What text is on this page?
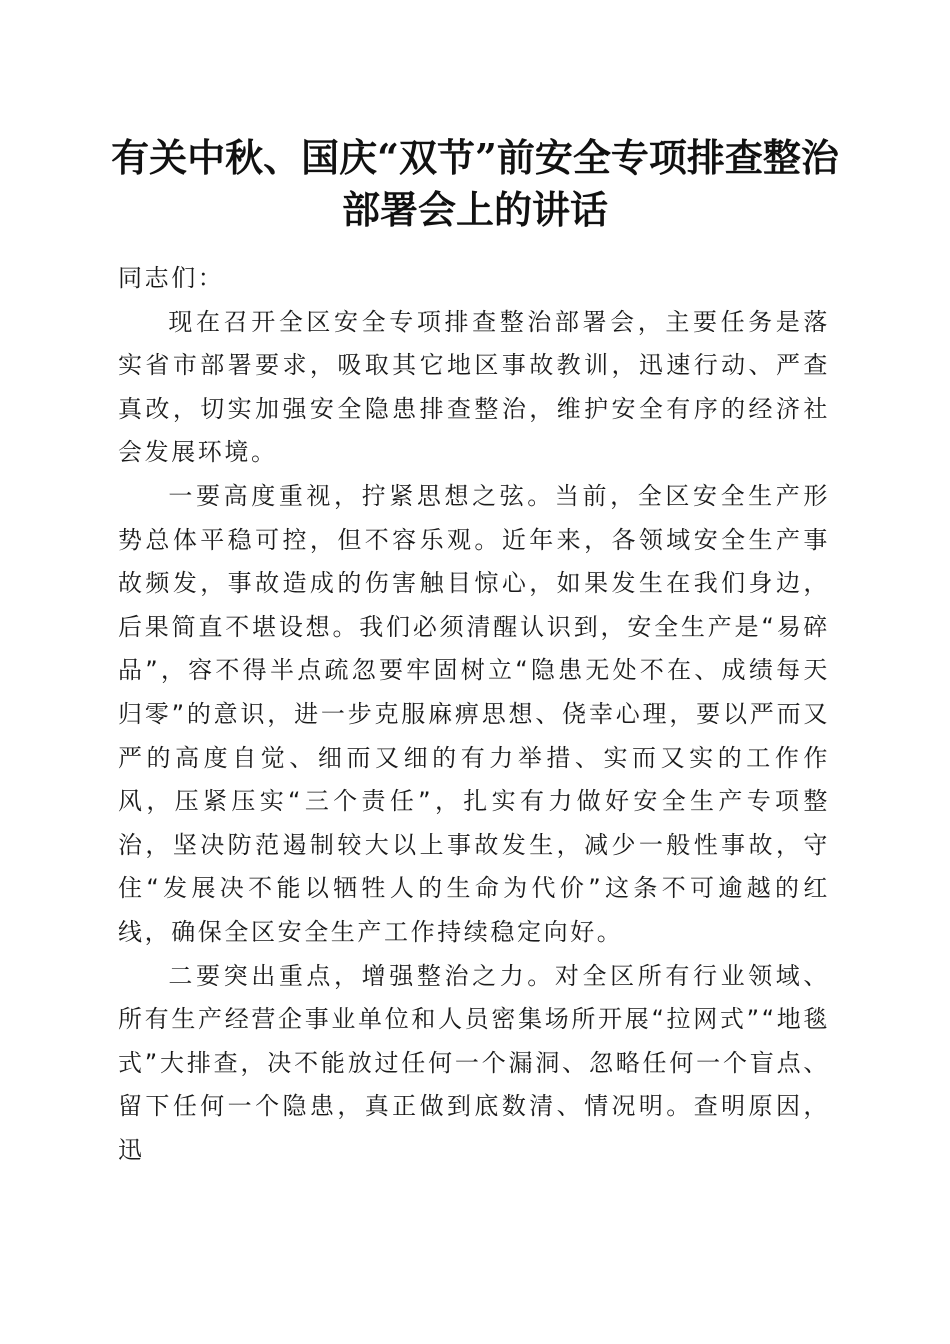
有关中秋、国庆“双节”前安全专项排查整治
部署会上的讲话

同志们：

现在召开全区安全专项排查整治部署会，主要任务是落实省市部署要求，吸取其它地区事故教训，迅速行动、严查真改，切实加强安全隐患排查整治，维护安全有序的经济社会发展环境。

一要高度重视，拧紧思想之弦。当前，全区安全生产形势总体平稳可控，但不容乐观。近年来，各领域安全生产事故频发，事故造成的伤害触目惊心，如果发生在我们身边，后果简直不堪设想。我们必须清醒认识到，安全生产是“易碎品”，容不得半点疏忽要牢固树立“隐患无处不在、成绩每天归零”的意识，进一步克服麻痹思想、侥幸心理，要以严而又严的高度自觉、细而又细的有力举措、实而又实的工作作风，压紧压实“三个责任”，扎实有力做好安全生产专项整治，坚决防范遏制较大以上事故发生，减少一般性事故，守住“发展决不能以牺牲人的生命为代价”这条不可逾越的红线，确保全区安全生产工作持续稳定向好。

二要突出重点，增强整治之力。对全区所有行业领域、所有生产经营企事业单位和人员密集场所开展“拉网式”“地毯式”大排查，决不能放过任何一个漏洞、忽略任何一个盲点、留下任何一个隐患，真正做到底数清、情况明。查明原因，迅
